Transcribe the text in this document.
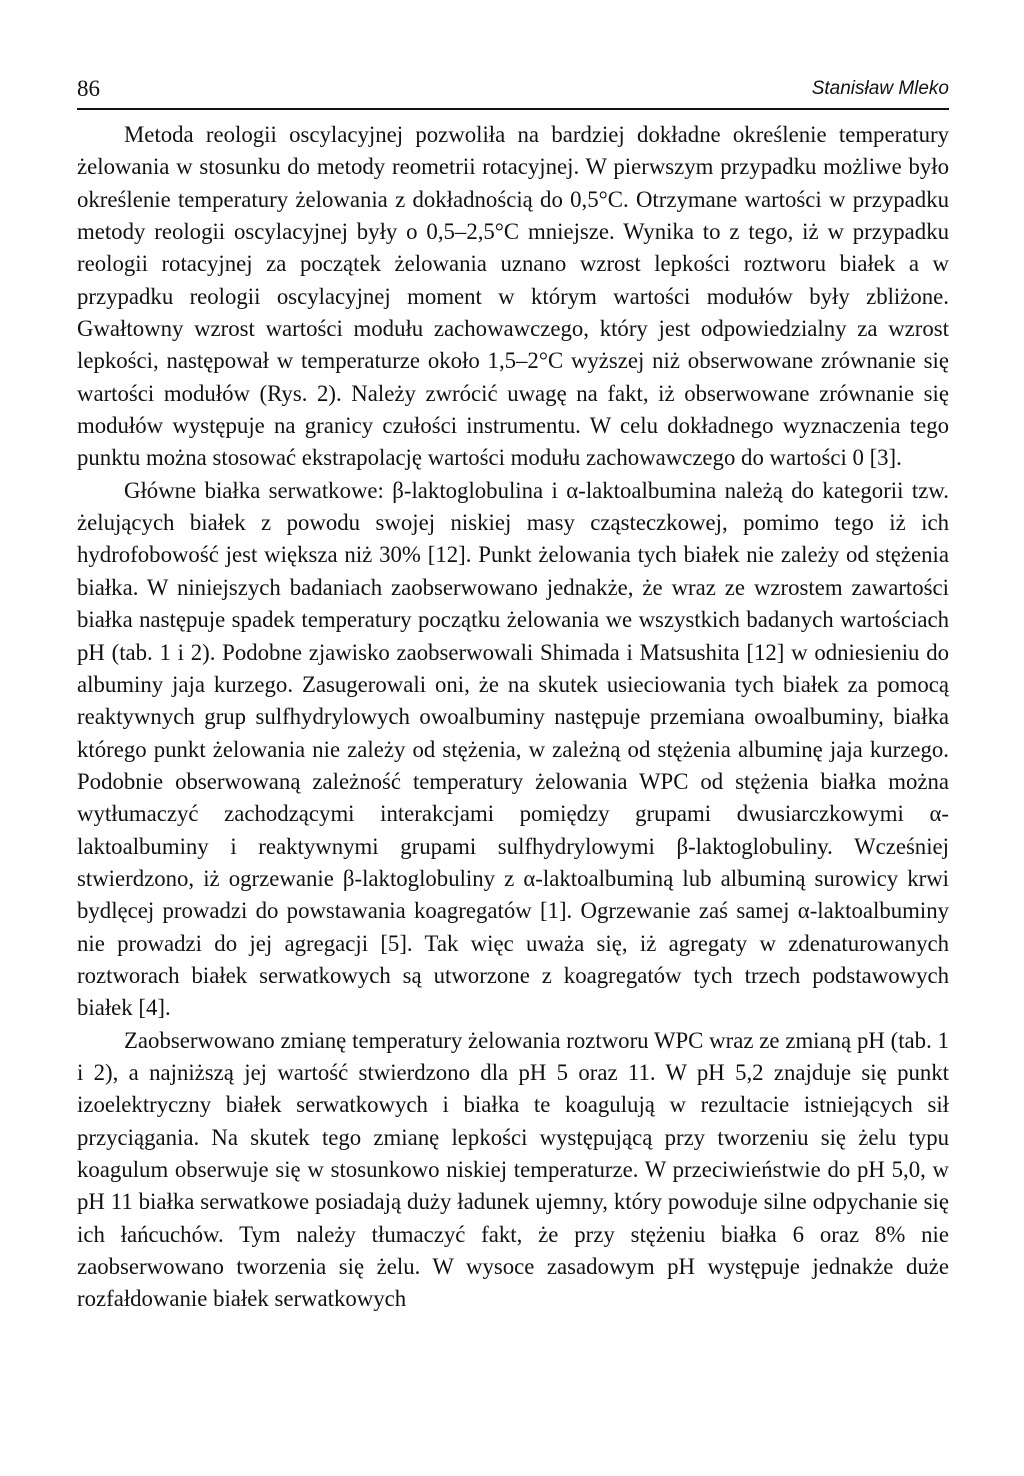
86	Stanisław Mleko

Metoda reologii oscylacyjnej pozwoliła na bardziej dokładne określenie temperatury żelowania w stosunku do metody reometrii rotacyjnej. W pierwszym przypadku możliwe było określenie temperatury żelowania z dokładnością do 0,5°C. Otrzymane wartości w przypadku metody reologii oscylacyjnej były o 0,5–2,5°C mniejsze. Wynika to z tego, iż w przypadku reologii rotacyjnej za początek żelowania uznano wzrost lepkości roztworu białek a w przypadku reologii oscylacyjnej moment w którym wartości modułów były zbliżone. Gwałtowny wzrost wartości modułu zachowawczego, który jest odpowiedzialny za wzrost lepkości, następował w temperaturze około 1,5–2°C wyższej niż obserwowane zrównanie się wartości modułów (Rys. 2). Należy zwrócić uwagę na fakt, iż obserwowane zrównanie się modułów występuje na granicy czułości instrumentu. W celu dokładnego wyznaczenia tego punktu można stosować ekstrapolację wartości modułu zachowawczego do wartości 0 [3].

Główne białka serwatkowe: β-laktoglobulina i α-laktoalbumina należą do kategorii tzw. żelujących białek z powodu swojej niskiej masy cząsteczkowej, pomimo tego iż ich hydrofobowość jest większa niż 30% [12]. Punkt żelowania tych białek nie zależy od stężenia białka. W niniejszych badaniach zaobserwowano jednakże, że wraz ze wzrostem zawartości białka następuje spadek temperatury początku żelowania we wszystkich badanych wartościach pH (tab. 1 i 2). Podobne zjawisko zaobserwowali Shimada i Matsushita [12] w odniesieniu do albuminy jaja kurzego. Zasugerowali oni, że na skutek usieciowania tych białek za pomocą reaktywnych grup sulfhydrylowych owoalbuminy następuje przemiana owoalbuminy, białka którego punkt żelowania nie zależy od stężenia, w zależną od stężenia albuminę jaja kurzego. Podobnie obserwowaną zależność temperatury żelowania WPC od stężenia białka można wytłumaczyć zachodzącymi interakcjami pomiędzy grupami dwusiarczkowymi α-laktoalbuminy i reaktywnymi grupami sulfhydrylowymi β-laktoglobuliny. Wcześniej stwierdzono, iż ogrzewanie β-laktoglobuliny z α-laktoalbuminą lub albuminą surowicy krwi bydlęcej prowadzi do powstawania koagregatów [1]. Ogrzewanie zaś samej α-laktoalbuminy nie prowadzi do jej agregacji [5]. Tak więc uważa się, iż agregaty w zdenaturowanych roztworach białek serwatkowych są utworzone z koagregatów tych trzech podstawowych białek [4].

Zaobserwowano zmianę temperatury żelowania roztworu WPC wraz ze zmianą pH (tab. 1 i 2), a najniższą jej wartość stwierdzono dla pH 5 oraz 11. W pH 5,2 znajduje się punkt izoelektryczny białek serwatkowych i białka te koagulują w rezultacie istniejących sił przyciągania. Na skutek tego zmianę lepkości występującą przy tworzeniu się żelu typu koagulum obserwuje się w stosunkowo niskiej temperaturze. W przeciwieństwie do pH 5,0, w pH 11 białka serwatkowe posiadają duży ładunek ujemny, który powoduje silne odpychanie się ich łańcuchów. Tym należy tłumaczyć fakt, że przy stężeniu białka 6 oraz 8% nie zaobserwowano tworzenia się żelu. W wysoce zasadowym pH występuje jednakże duże rozfałdowanie białek serwatkowych
